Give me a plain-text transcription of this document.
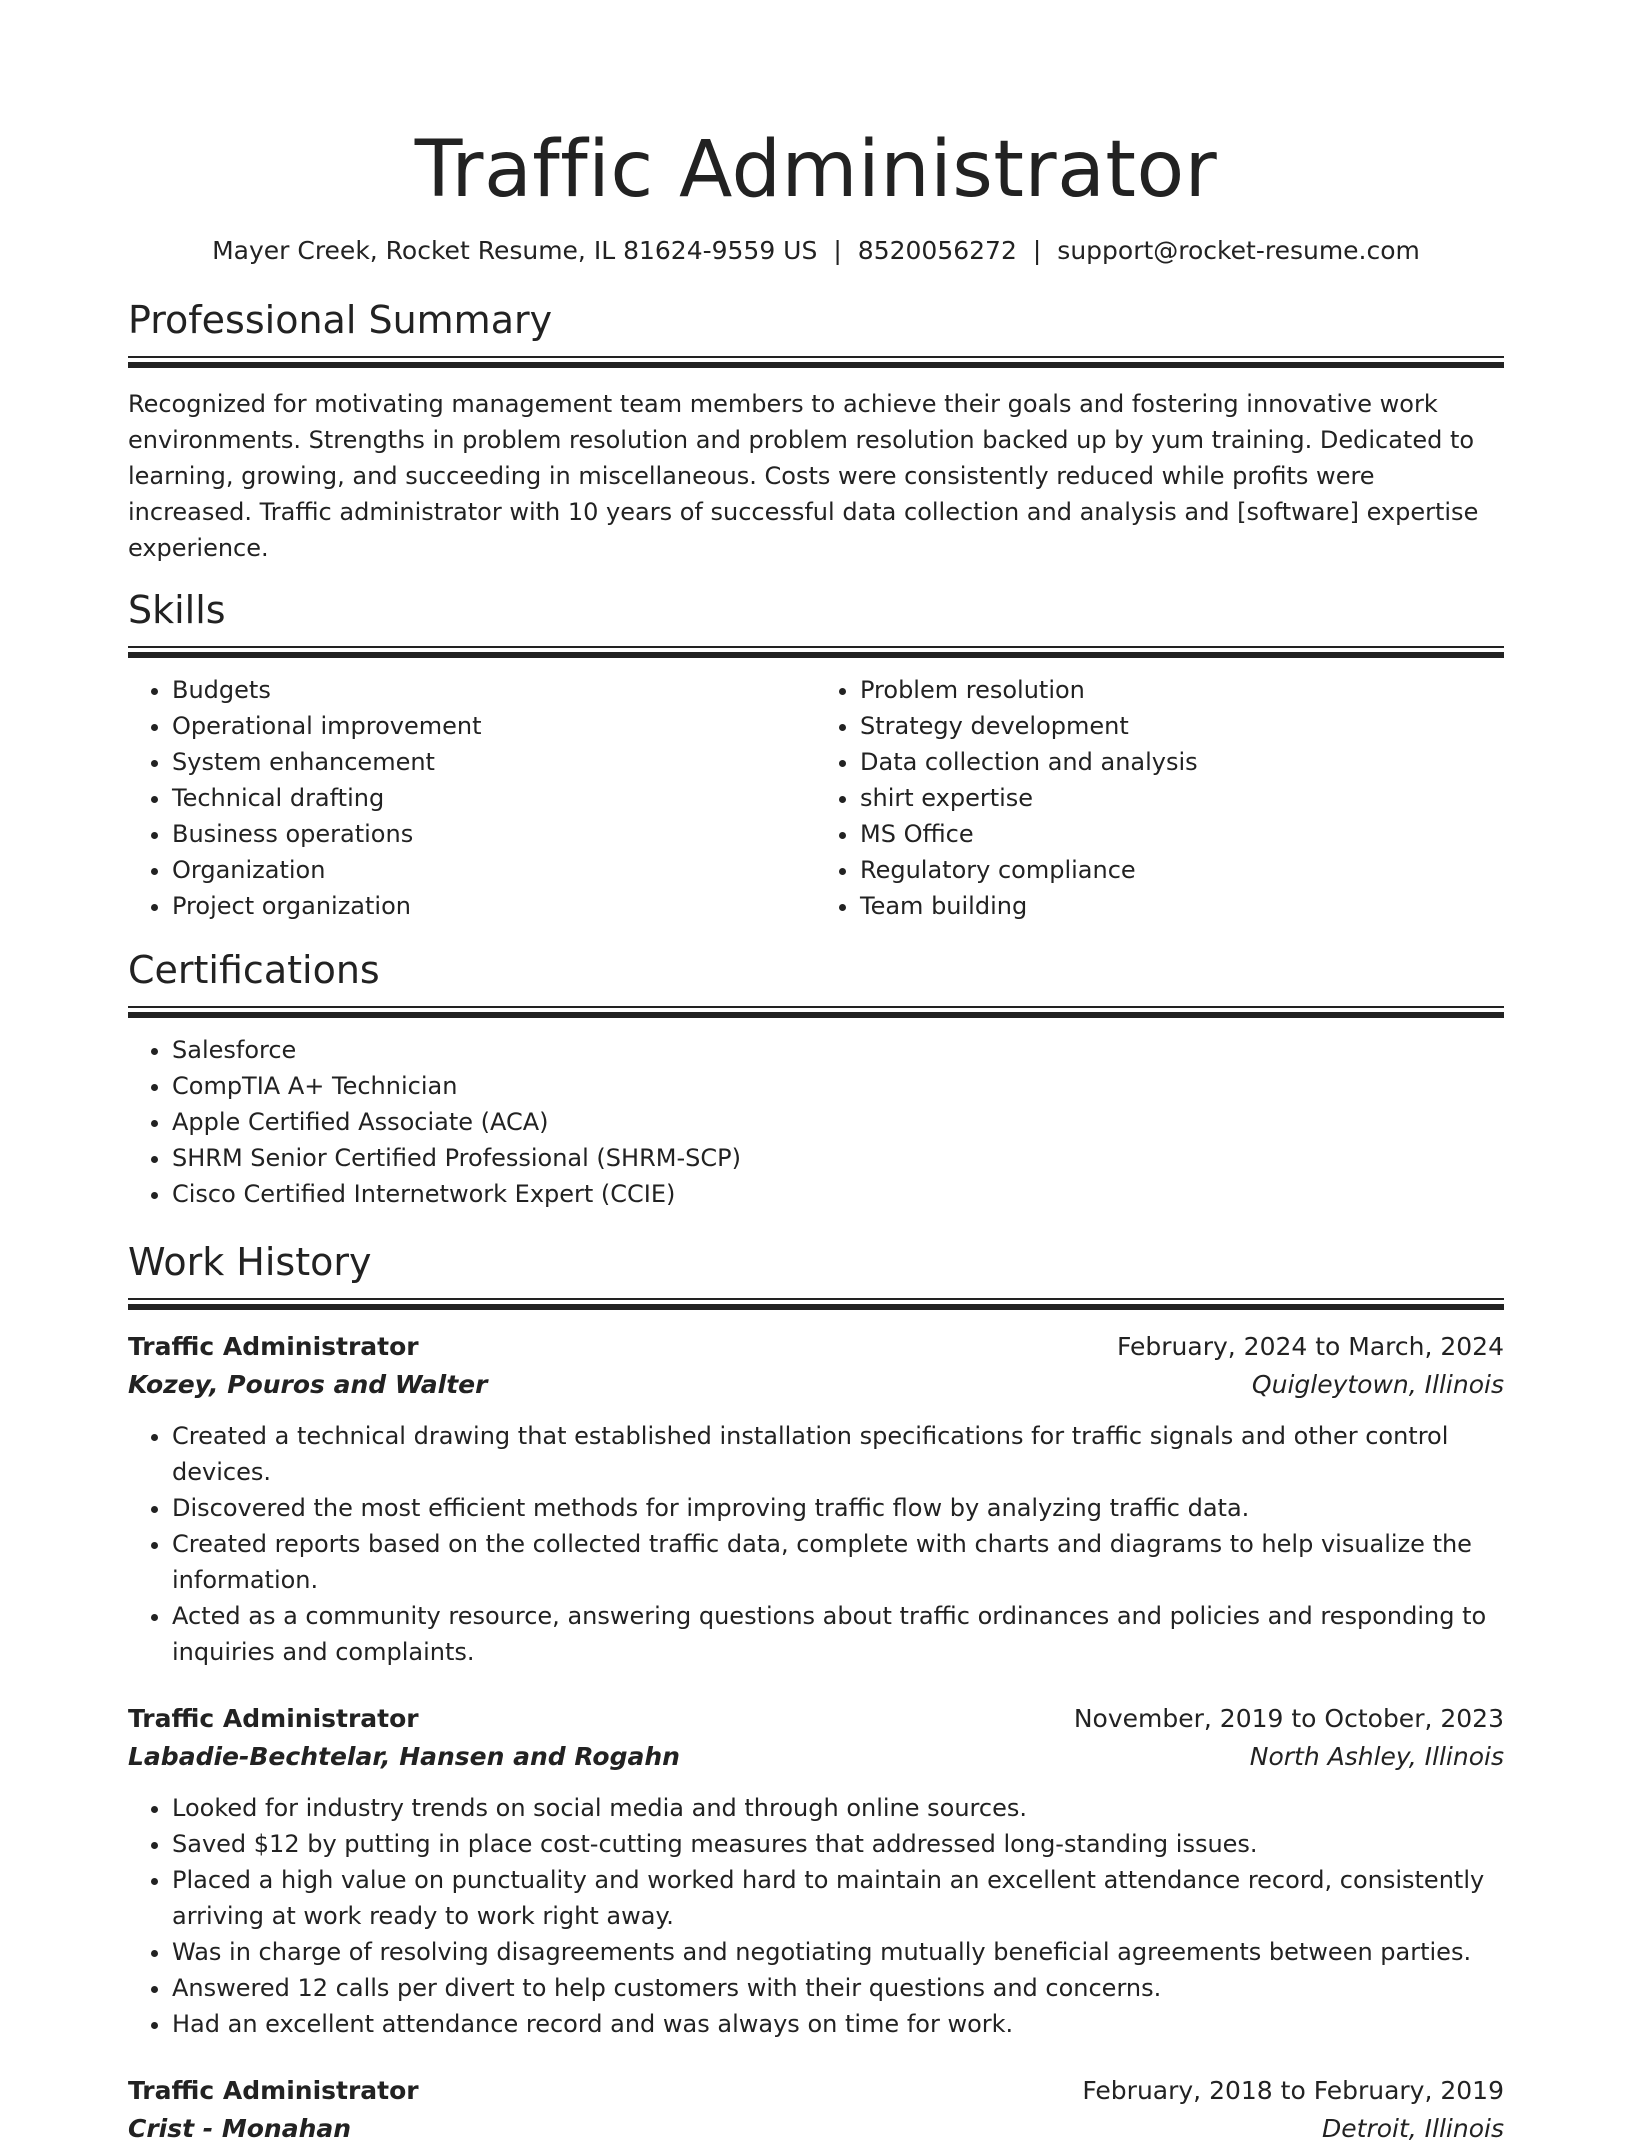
Traffic Administrator
Mayer Creek, Rocket Resume, IL 81624-9559 US | 8520056272 | support@rocket-resume.com
Professional Summary
Recognized for motivating management team members to achieve their goals and fostering innovative work environments. Strengths in problem resolution and problem resolution backed up by yum training. Dedicated to learning, growing, and succeeding in miscellaneous. Costs were consistently reduced while profits were increased. Traffic administrator with 10 years of successful data collection and analysis and [software] expertise experience.
Skills
• Budgets
• Operational improvement
• System enhancement
• Technical drafting
• Business operations
• Organization
• Project organization
• Problem resolution
• Strategy development
• Data collection and analysis
• shirt expertise
• MS Office
• Regulatory compliance
• Team building
Certifications
• Salesforce
• CompTIA A+ Technician
• Apple Certified Associate (ACA)
• SHRM Senior Certified Professional (SHRM-SCP)
• Cisco Certified Internetwork Expert (CCIE)
Work History
Traffic Administrator	February, 2024 to March, 2024
Kozey, Pouros and Walter	Quigleytown, Illinois
• Created a technical drawing that established installation specifications for traffic signals and other control devices.
• Discovered the most efficient methods for improving traffic flow by analyzing traffic data.
• Created reports based on the collected traffic data, complete with charts and diagrams to help visualize the information.
• Acted as a community resource, answering questions about traffic ordinances and policies and responding to inquiries and complaints.
Traffic Administrator	November, 2019 to October, 2023
Labadie-Bechtelar, Hansen and Rogahn	North Ashley, Illinois
• Looked for industry trends on social media and through online sources.
• Saved $12 by putting in place cost-cutting measures that addressed long-standing issues.
• Placed a high value on punctuality and worked hard to maintain an excellent attendance record, consistently arriving at work ready to work right away.
• Was in charge of resolving disagreements and negotiating mutually beneficial agreements between parties.
• Answered 12 calls per divert to help customers with their questions and concerns.
• Had an excellent attendance record and was always on time for work.
Traffic Administrator	February, 2018 to February, 2019
Crist - Monahan	Detroit, Illinois
